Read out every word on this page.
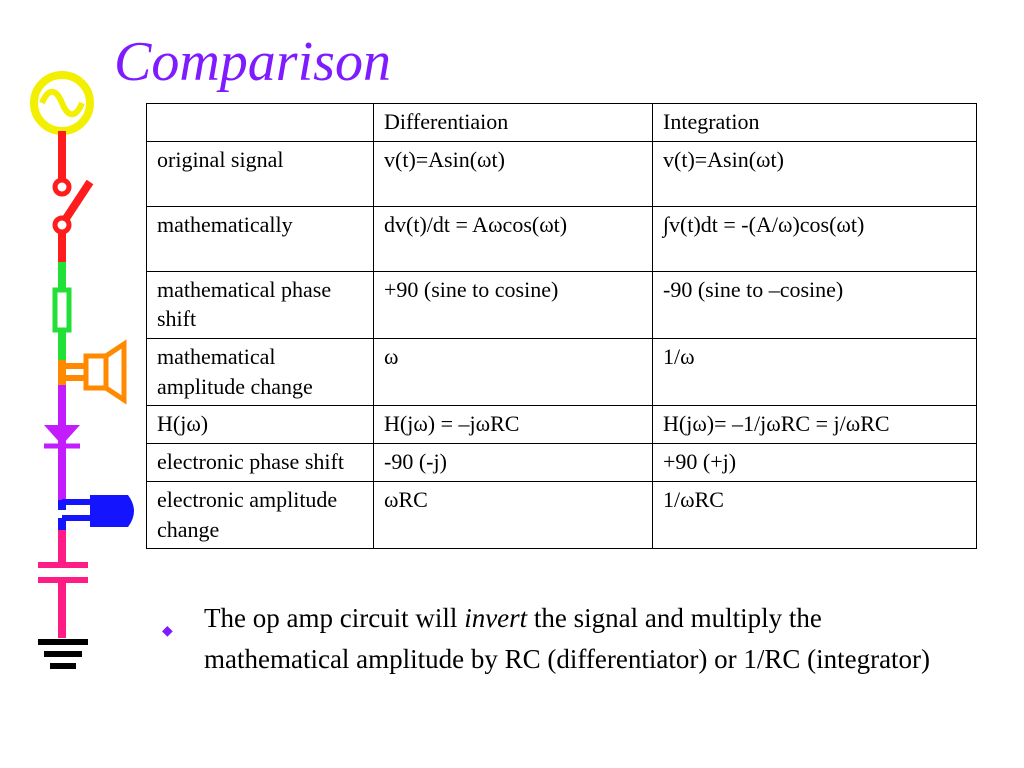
Comparison
	Differentiaion	Integration
original signal	v(t)=Asin(ωt)	v(t)=Asin(ωt)
mathematically	dv(t)/dt = Aωcos(ωt)	∫v(t)dt = -(A/ω)cos(ωt)
mathematical phase shift	+90 (sine to cosine)	-90 (sine to –cosine)
mathematical amplitude change	ω	1/ω
H(jω)	H(jω) = –jωRC	H(jω)= –1/jωRC = j/ωRC
electronic phase shift	-90 (-j)	+90 (+j)
electronic amplitude change	ωRC	1/ωRC
◆ The op amp circuit will invert the signal and multiply the mathematical amplitude by RC (differentiator) or 1/RC (integrator)
